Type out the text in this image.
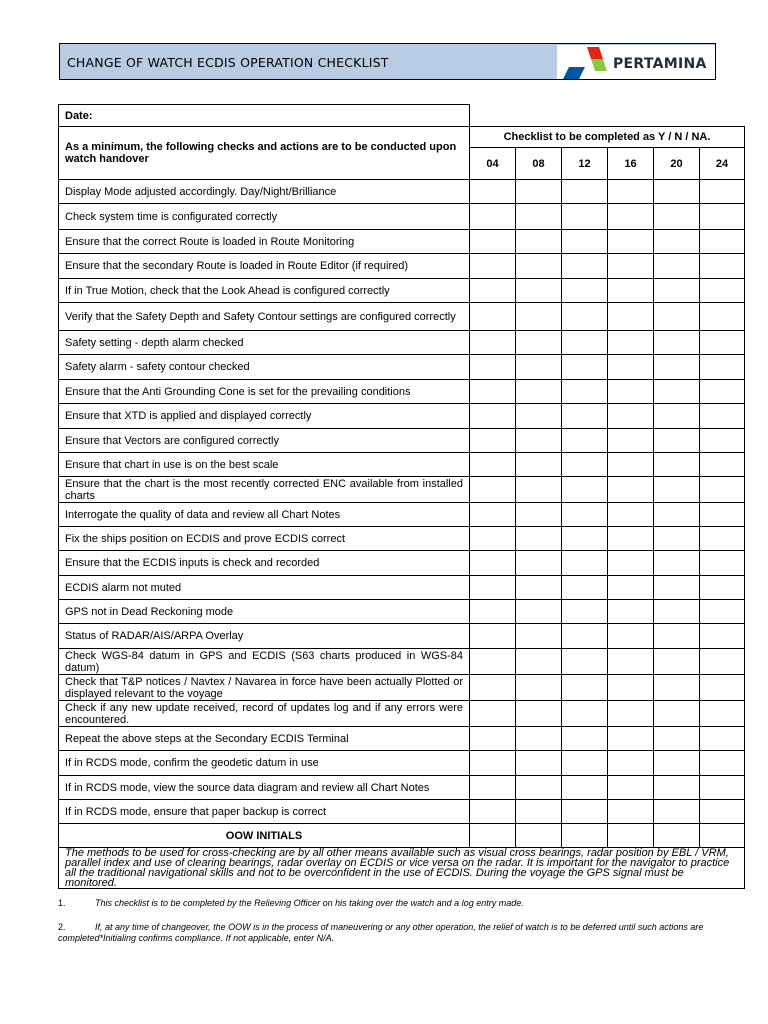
CHANGE OF WATCH ECDIS OPERATION CHECKLIST	PERTAMINA
Date:						
As a minimum, the following checks and actions are to be conducted upon watch handover	Checklist to be completed as Y / N / NA.					
	04	08	12	16	20	24
Display Mode adjusted accordingly. Day/Night/Brilliance						
Check system time is configurated correctly						
Ensure that the correct Route is loaded in Route Monitoring						
Ensure that the secondary Route is loaded in Route Editor (if required)						
If in True Motion, check that the Look Ahead is configured correctly						
Verify that the Safety Depth and Safety Contour settings are configured correctly						
Safety setting - depth alarm checked						
Safety alarm - safety contour checked						
Ensure that the Anti Grounding Cone is set for the prevailing conditions						
Ensure that XTD is applied and displayed correctly						
Ensure that Vectors are configured correctly						
Ensure that chart in use is on the best scale						
Ensure that the chart is the most recently corrected ENC available from installed charts						
Interrogate the quality of data and review all Chart Notes						
Fix the ships position on ECDIS and prove ECDIS correct						
Ensure that the ECDIS inputs is check and recorded						
ECDIS alarm not muted						
GPS not in Dead Reckoning mode						
Status of RADAR/AIS/ARPA Overlay						
Check WGS-84 datum in GPS and ECDIS (S63 charts produced in WGS-84 datum)						
Check that T&P notices / Navtex / Navarea in force have been actually Plotted or displayed relevant to the voyage						
Check if any new update received, record of updates log and if any errors were encountered.						
Repeat the above steps at the Secondary ECDIS Terminal						
If in RCDS mode, confirm the geodetic datum in use						
If in RCDS mode, view the source data diagram and review all Chart Notes						
If in RCDS mode, ensure that paper backup is correct						
OOW INITIALS						
The methods to be used for cross-checking are by all other means available such as visual cross bearings, radar position by EBL / VRM, parallel index and use of clearing bearings, radar overlay on ECDIS or vice versa on the radar. It is important for the navigator to practice all the traditional navigational skills and not to be overconfident in the use of ECDIS. During the voyage the GPS signal must be monitored.						
1.	This checklist is to be completed by the Relieving Officer on his taking over the watch and a log entry made.
2.	If, at any time of changeover, the OOW is in the process of maneuvering or any other operation, the relief of watch is to be deferred until such actions are completed*Initialing confirms compliance. If not applicable, enter N/A.
